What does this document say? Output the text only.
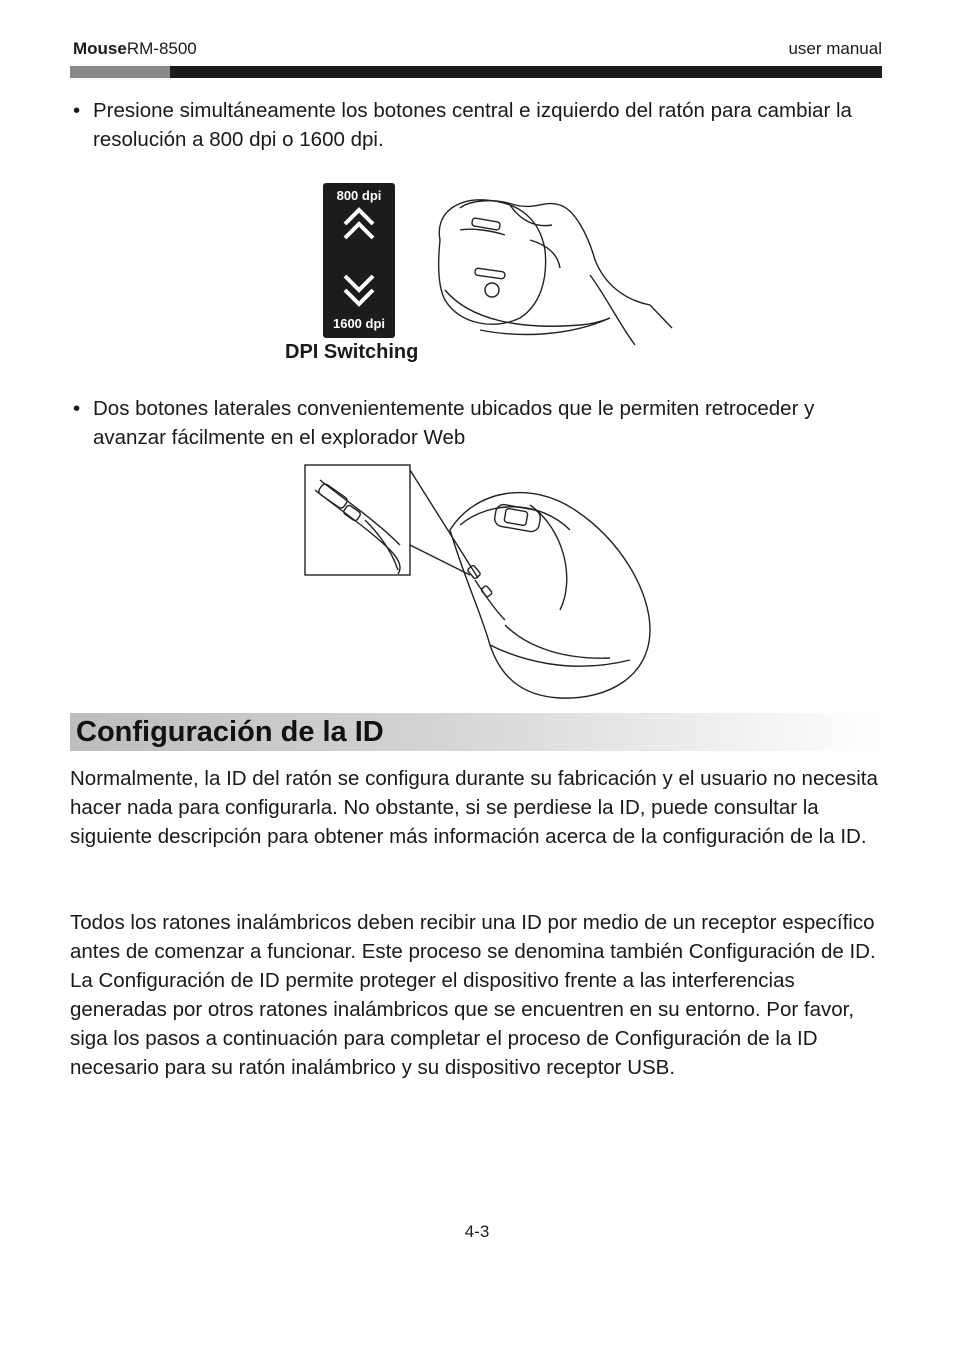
MouseRM-8500	user manual
• Presione simultáneamente los botones central e izquierdo del ratón para cambiar la resolución a 800 dpi o 1600 dpi.
800 dpi
1600 dpi
DPI Switching
• Dos botones laterales convenientemente ubicados que le permiten retroceder y avanzar fácilmente en el explorador Web
Configuración de la ID
Normalmente, la ID del ratón se configura durante su fabricación y el usuario no necesita hacer nada para configurarla. No obstante, si se perdiese la ID, puede consultar la siguiente descripción para obtener más información acerca de la configuración de la ID.
Todos los ratones inalámbricos deben recibir una ID por medio de un receptor específico antes de comenzar a funcionar. Este proceso se denomina también Configuración de ID. La Configuración de ID permite proteger el dispositivo frente a las interferencias generadas por otros ratones inalámbricos que se encuentren en su entorno. Por favor, siga los pasos a continuación para completar el proceso de Configuración de la ID necesario para su ratón inalámbrico y su dispositivo receptor USB.
4-3
